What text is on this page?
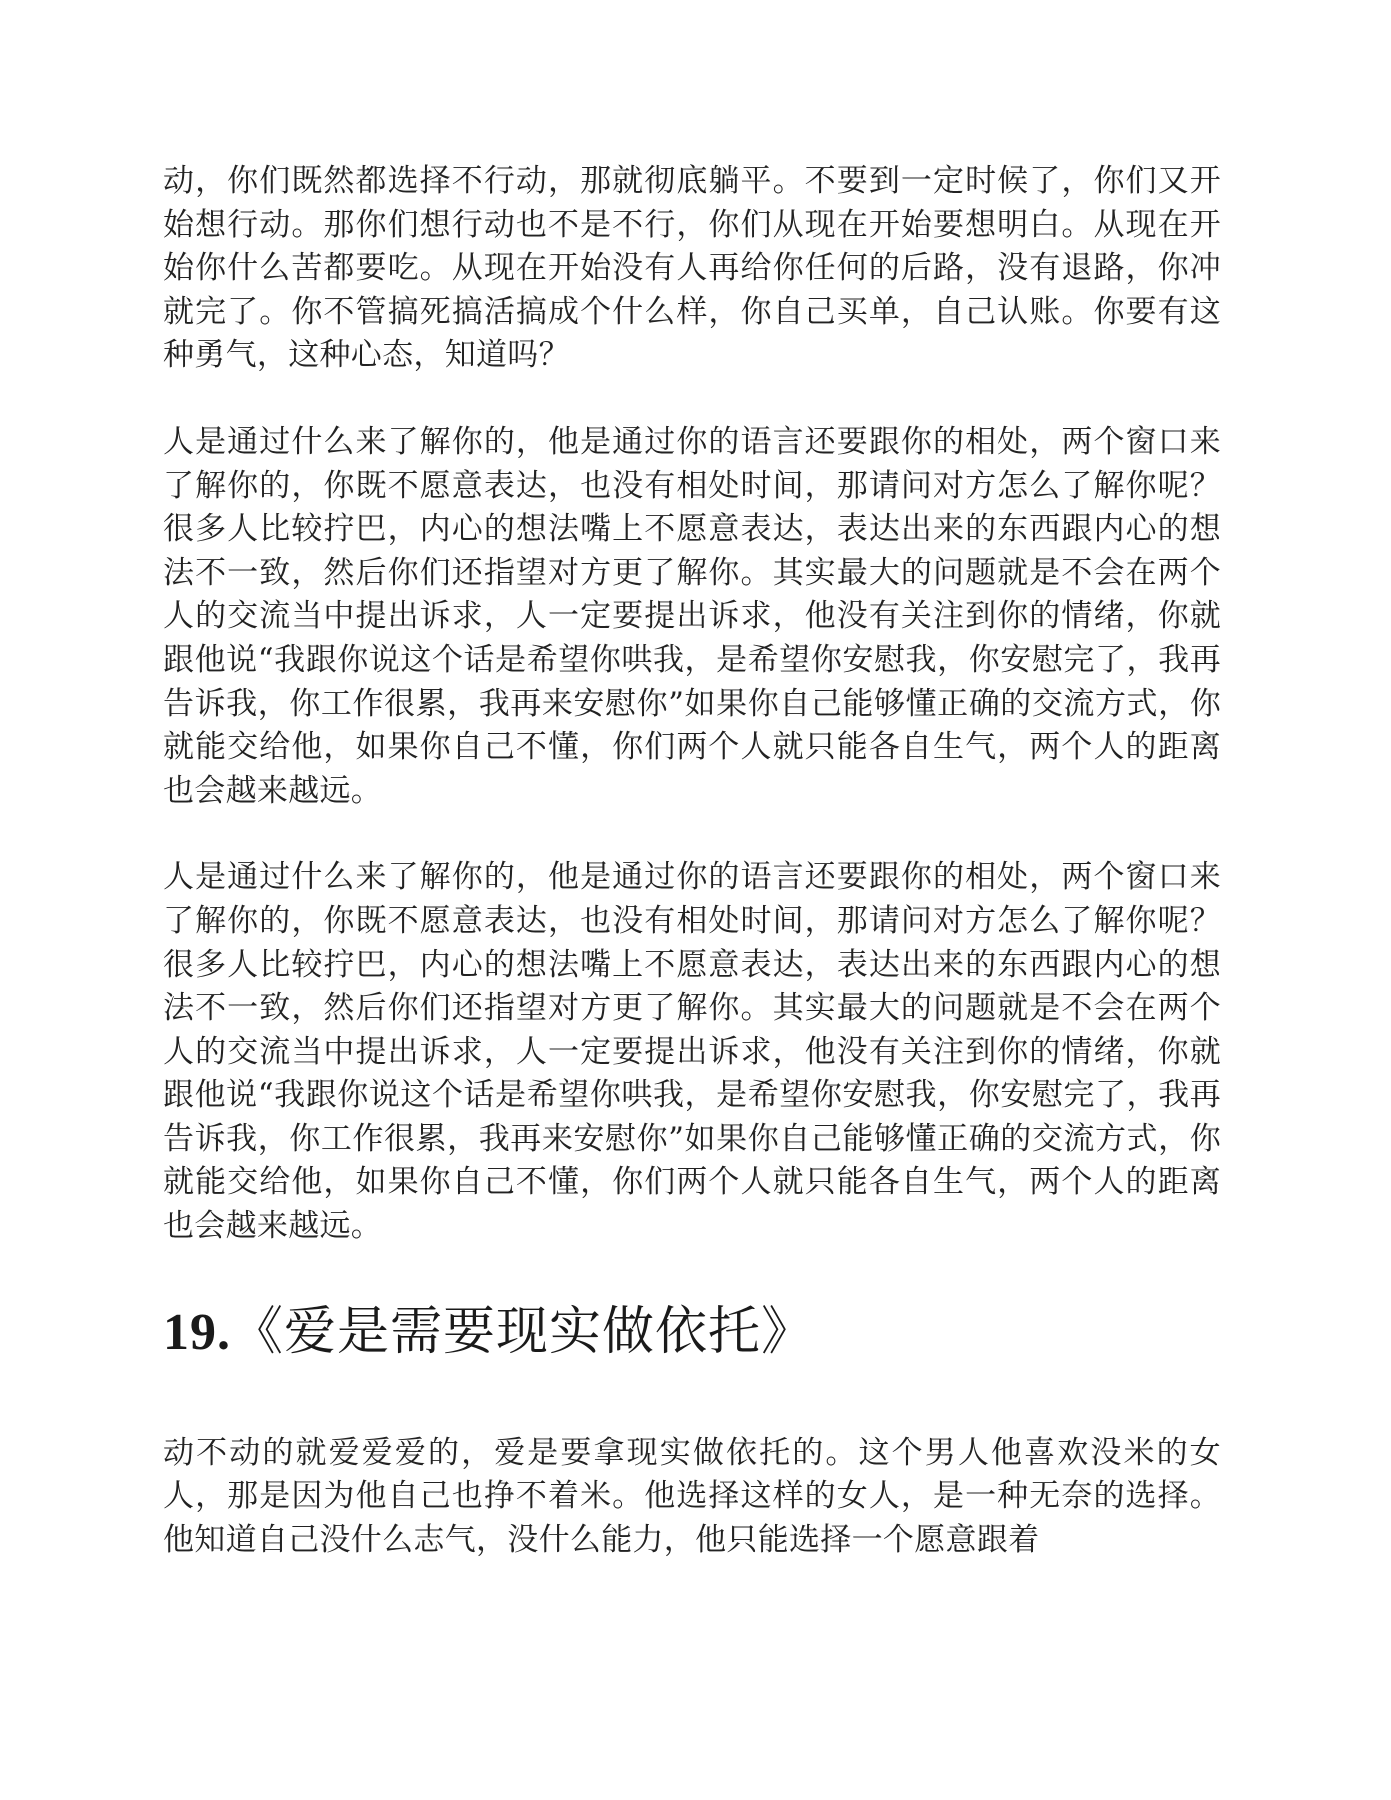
动，你们既然都选择不行动，那就彻底躺平。不要到一定时候了，你们又开始想行动。那你们想行动也不是不行，你们从现在开始要想明白。从现在开始你什么苦都要吃。从现在开始没有人再给你任何的后路，没有退路，你冲就完了。你不管搞死搞活搞成个什么样，你自己买单，自己认账。你要有这种勇气，这种心态，知道吗？

人是通过什么来了解你的，他是通过你的语言还要跟你的相处，两个窗口来了解你的，你既不愿意表达，也没有相处时间，那请问对方怎么了解你呢？很多人比较拧巴，内心的想法嘴上不愿意表达，表达出来的东西跟内心的想法不一致，然后你们还指望对方更了解你。其实最大的问题就是不会在两个人的交流当中提出诉求，人一定要提出诉求，他没有关注到你的情绪，你就跟他说“我跟你说这个话是希望你哄我，是希望你安慰我，你安慰完了，我再告诉我，你工作很累，我再来安慰你”如果你自己能够懂正确的交流方式，你就能交给他，如果你自己不懂，你们两个人就只能各自生气，两个人的距离也会越来越远。

人是通过什么来了解你的，他是通过你的语言还要跟你的相处，两个窗口来了解你的，你既不愿意表达，也没有相处时间，那请问对方怎么了解你呢？很多人比较拧巴，内心的想法嘴上不愿意表达，表达出来的东西跟内心的想法不一致，然后你们还指望对方更了解你。其实最大的问题就是不会在两个人的交流当中提出诉求，人一定要提出诉求，他没有关注到你的情绪，你就跟他说“我跟你说这个话是希望你哄我，是希望你安慰我，你安慰完了，我再告诉我，你工作很累，我再来安慰你”如果你自己能够懂正确的交流方式，你就能交给他，如果你自己不懂，你们两个人就只能各自生气，两个人的距离也会越来越远。

19.《爱是需要现实做依托》

动不动的就爱爱爱的，爱是要拿现实做依托的。这个男人他喜欢没米的女人，那是因为他自己也挣不着米。他选择这样的女人，是一种无奈的选择。他知道自己没什么志气，没什么能力，他只能选择一个愿意跟着
